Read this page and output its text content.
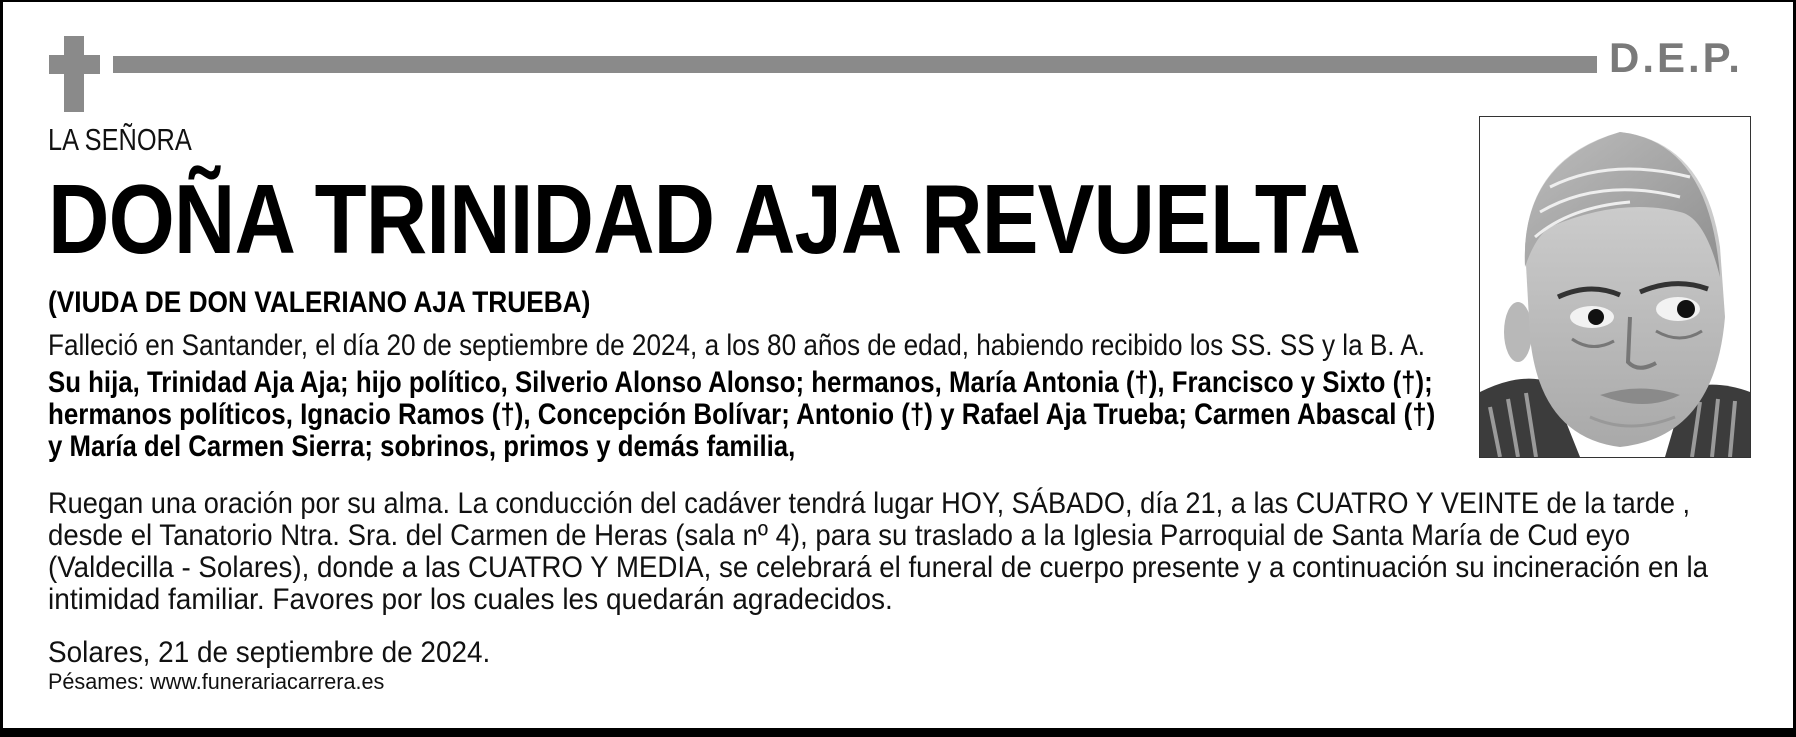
D.E.P.
LA SEÑORA
DOÑA TRINIDAD AJA REVUELTA
(VIUDA DE DON VALERIANO AJA TRUEBA)
Falleció en Santander, el día 20 de septiembre de 2024, a los 80 años de edad, habiendo recibido los SS. SS y la B. A.
Su hija, Trinidad Aja Aja; hijo político, Silverio Alonso Alonso; hermanos, María Antonia (†), Francisco y Sixto (†);
hermanos políticos, Ignacio Ramos (†), Concepción Bolívar; Antonio (†) y Rafael Aja Trueba; Carmen Abascal (†)
y María del Carmen Sierra; sobrinos, primos y demás familia,
Ruegan una oración por su alma. La conducción del cadáver tendrá lugar HOY, SÁBADO, día 21, a las CUATRO Y VEINTE de la tarde ,
desde el Tanatorio Ntra. Sra. del Carmen de Heras (sala nº 4), para su traslado a la Iglesia Parroquial de Santa María de Cud eyo
(Valdecilla - Solares), donde a las CUATRO Y MEDIA, se celebrará el funeral de cuerpo presente y a continuación su incineración en la
intimidad familiar. Favores por los cuales les quedarán agradecidos.
Solares, 21 de septiembre de 2024.
Pésames: www.funerariacarrera.es
